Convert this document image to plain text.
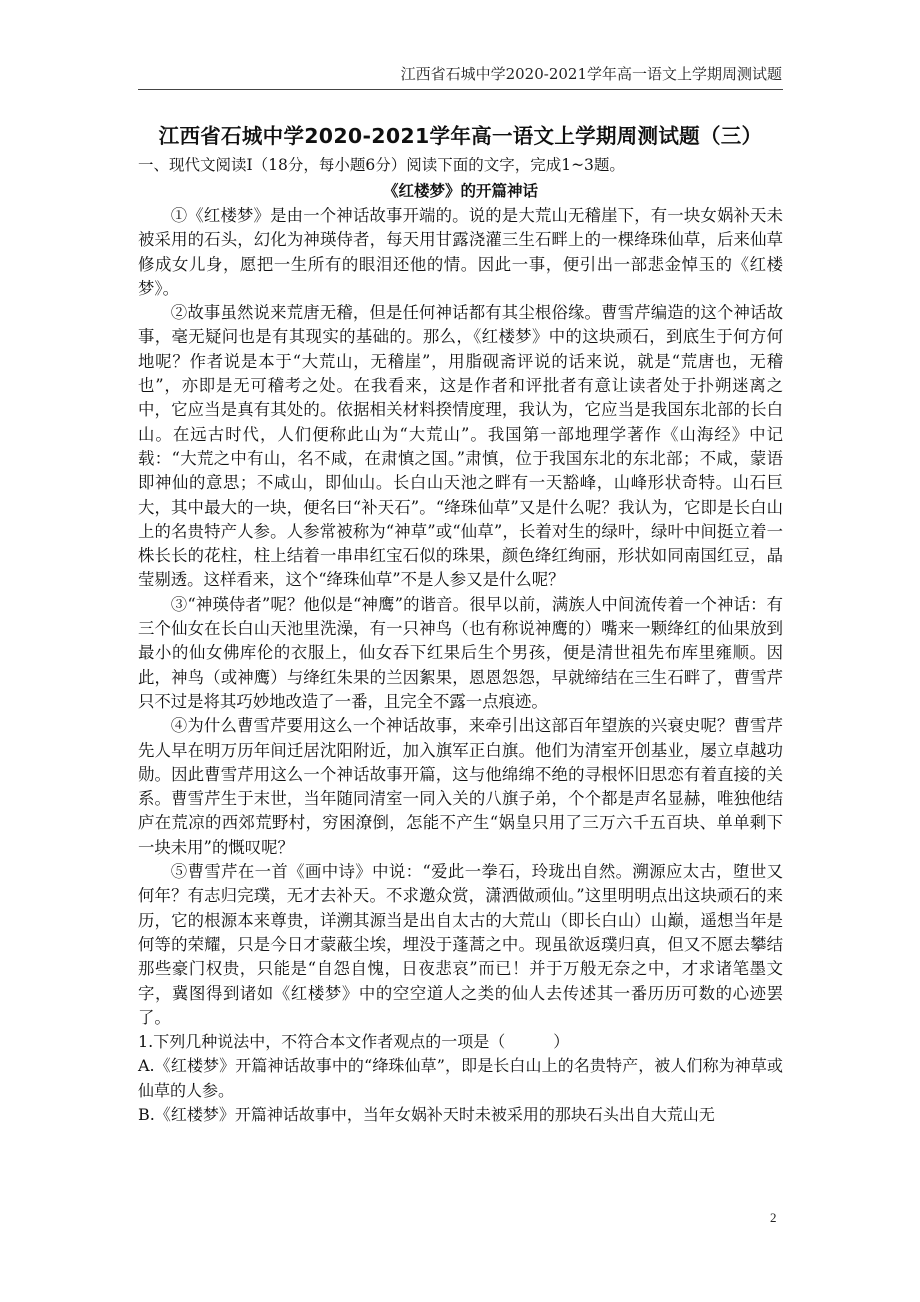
江西省石城中学2020-2021学年高一语文上学期周测试题
江西省石城中学2020-2021学年高一语文上学期周测试题（三）

一、现代文阅读Ⅰ（18分，每小题6分）阅读下面的文字，完成1~3题。

《红楼梦》的开篇神话

①《红楼梦》是由一个神话故事开端的。说的是大荒山无稽崖下，有一块女娲补天未被采用的石头，幻化为神瑛侍者，每天用甘露浇灌三生石畔上的一棵绛珠仙草，后来仙草修成女儿身，愿把一生所有的眼泪还他的情。因此一事，便引出一部悲金悼玉的《红楼梦》。

②故事虽然说来荒唐无稽，但是任何神话都有其尘根俗缘。曹雪芹编造的这个神话故事，毫无疑问也是有其现实的基础的。那么，《红楼梦》中的这块顽石，到底生于何方何地呢？作者说是本于“大荒山，无稽崖”，用脂砚斋评说的话来说，就是“荒唐也，无稽也”，亦即是无可稽考之处。在我看来，这是作者和评批者有意让读者处于扑朔迷离之中，它应当是真有其处的。依据相关材料揆情度理，我认为，它应当是我国东北部的长白山。在远古时代，人们便称此山为“大荒山”。我国第一部地理学著作《山海经》中记载：“大荒之中有山，名不咸，在肃慎之国。”肃慎，位于我国东北的东北部；不咸，蒙语即神仙的意思；不咸山，即仙山。长白山天池之畔有一天豁峰，山峰形状奇特。山石巨大，其中最大的一块，便名曰“补天石”。“绛珠仙草”又是什么呢？我认为，它即是长白山上的名贵特产人参。人参常被称为“神草”或“仙草”，长着对生的绿叶，绿叶中间挺立着一株长长的花柱，柱上结着一串串红宝石似的珠果，颜色绛红绚丽，形状如同南国红豆，晶莹剔透。这样看来，这个“绛珠仙草”不是人参又是什么呢？

③“神瑛侍者”呢？他似是“神鹰”的谐音。很早以前，满族人中间流传着一个神话：有三个仙女在长白山天池里洗澡，有一只神鸟（也有称说神鹰的）嘴来一颗绛红的仙果放到最小的仙女佛库伦的衣服上，仙女吞下红果后生个男孩，便是清世祖先布库里雍顺。因此，神鸟（或神鹰）与绛红朱果的兰因絮果，恩恩怨怨，早就缔结在三生石畔了，曹雪芹只不过是将其巧妙地改造了一番，且完全不露一点痕迹。

④为什么曹雪芹要用这么一个神话故事，来牵引出这部百年望族的兴衰史呢？曹雪芹先人早在明万历年间迁居沈阳附近，加入旗军正白旗。他们为清室开创基业，屡立卓越功勋。因此曹雪芹用这么一个神话故事开篇，这与他绵绵不绝的寻根怀旧思恋有着直接的关系。曹雪芹生于末世，当年随同清室一同入关的八旗子弟，个个都是声名显赫，唯独他结庐在荒凉的西郊荒野村，穷困潦倒，怎能不产生“娲皇只用了三万六千五百块、单单剩下一块未用”的慨叹呢？

⑤曹雪芹在一首《画中诗》中说：“爱此一拳石，玲珑出自然。溯源应太古，堕世又何年？有志归完璞，无才去补天。不求邀众赏，潇洒做顽仙。”这里明明点出这块顽石的来历，它的根源本来尊贵，详溯其源当是出自太古的大荒山（即长白山）山巅，遥想当年是何等的荣耀，只是今日才蒙蔽尘埃，埋没于蓬蒿之中。现虽欲返璞归真，但又不愿去攀结那些豪门权贵，只能是“自怨自愧，日夜悲哀”而已！并于万般无奈之中，才求诸笔墨文字，冀图得到诸如《红楼梦》中的空空道人之类的仙人去传述其一番历历可数的心迹罢了。

1.下列几种说法中，不符合本文作者观点的一项是（　　　）

A.《红楼梦》开篇神话故事中的“绛珠仙草”，即是长白山上的名贵特产，被人们称为神草或仙草的人参。

B.《红楼梦》开篇神话故事中，当年女娲补天时未被采用的那块石头出自大荒山无

2
